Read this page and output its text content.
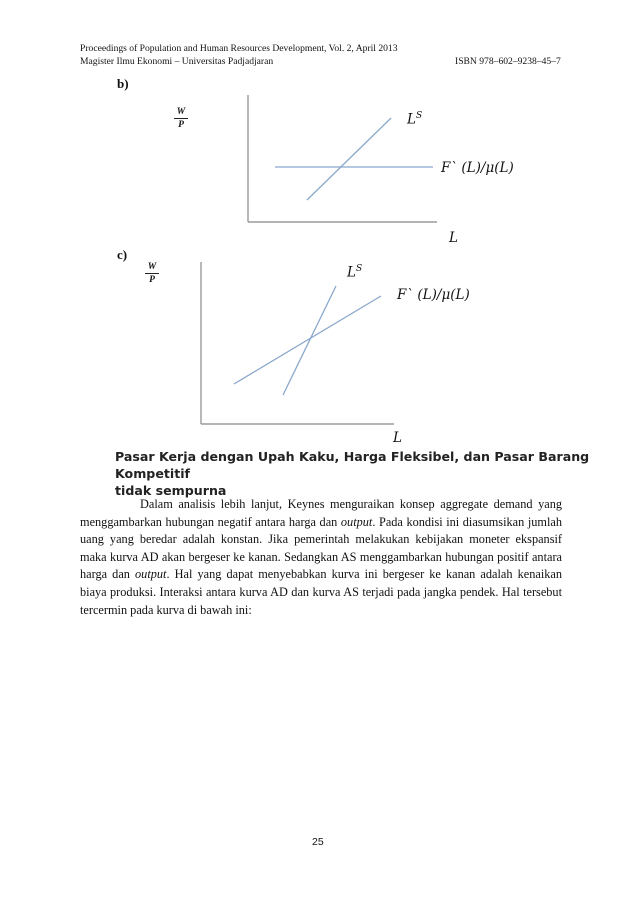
Proceedings of Population and Human Resources Development, Vol. 2, April 2013
Magister Ilmu Ekonomi – Universitas Padjadjaran	ISBN 978–602–9238–45–7
b)
W
P	$L^S$
F` (L)/μ(L)
L
c)
W
P	$L^S$
F` (L)/μ(L)
L
Pasar Kerja dengan Upah Kaku, Harga Fleksibel, dan Pasar Barang Kompetitif
tidak sempurna
Dalam analisis lebih lanjut, Keynes menguraikan konsep aggregate demand yang menggambarkan hubungan negatif antara harga dan output. Pada kondisi ini diasumsikan jumlah uang yang beredar adalah konstan. Jika pemerintah melakukan kebijakan moneter ekspansif maka kurva AD akan bergeser ke kanan. Sedangkan AS menggambarkan hubungan positif antara harga dan output. Hal yang dapat menyebabkan kurva ini bergeser ke kanan adalah kenaikan biaya produksi. Interaksi antara kurva AD dan kurva AS terjadi pada jangka pendek. Hal tersebut tercermin pada kurva di bawah ini:
25
